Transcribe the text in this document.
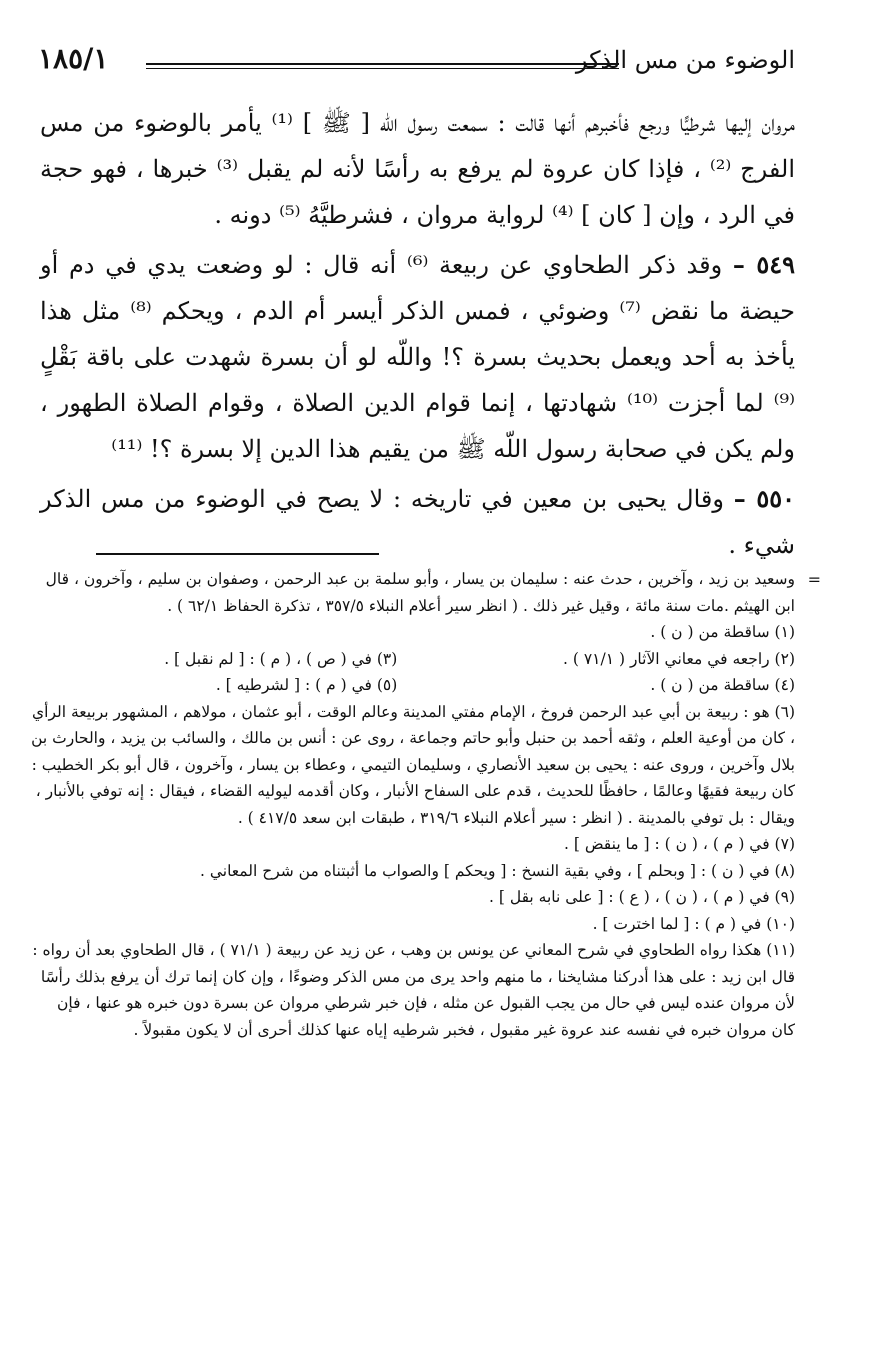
الوضوء من مس الذكر
١٨٥/١

مروان إليها شرطيًّا ورجع فأخبرهم أنها قالت : سمعت رسول اللّه [ ﷺ ] ⁽¹⁾ يأمر بالوضوء من مس الفرج ⁽²⁾ ، فإذا كان عروة لم يرفع به رأسًا لأنه لم يقبل ⁽³⁾ خبرها ، فهو حجة في الرد ، وإن [ كان ] ⁽⁴⁾ لرواية مروان ، فشرطيَّهُ ⁽⁵⁾ دونه .

٥٤٩ – وقد ذكر الطحاوي عن ربيعة ⁽⁶⁾ أنه قال : لو وضعت يدي في دم أو حيضة ما نقض ⁽⁷⁾ وضوئي ، فمس الذكر أيسر أم الدم ، ويحكم ⁽⁸⁾ مثل هذا يأخذ به أحد ويعمل بحديث بسرة ؟! واللّه لو أن بسرة شهدت على باقة بَقْلٍ ⁽⁹⁾ لما أجزت ⁽¹⁰⁾ شهادتها ، إنما قوام الدين الصلاة ، وقوام الصلاة الطهور ، ولم يكن في صحابة رسول اللّه ﷺ من يقيم هذا الدين إلا بسرة ؟! ⁽¹¹⁾

٥٥٠ – وقال يحيى بن معين في تاريخه : لا يصح في الوضوء من مس الذكر شيء .

=

وسعيد بن زيد ، وآخرين ، حدث عنه : سليمان بن يسار ، وأبو سلمة بن عبد الرحمن ، وصفوان بن سليم ، وآخرون ، قال ابن الهيثم .مات سنة مائة ، وقيل غير ذلك . ( انظر سير أعلام النبلاء ٣٥٧/٥ ، تذكرة الحفاظ ٦٢/١ ) .

(١) ساقطة من ( ن ) .

(٢) راجعه في معاني الآثار ( ٧١/١ ) .
(٣) في ( ص ) ، ( م ) : [ لم نقبل ] .
(٤) ساقطة من ( ن ) .
(٥) في ( م ) : [ لشرطيه ] .

(٦) هو : ربيعة بن أبي عبد الرحمن فروخ ، الإمام مفتي المدينة وعالم الوقت ، أبو عثمان ، مولاهم ، المشهور بربيعة الرأي ، كان من أوعية العلم ، وثقه أحمد بن حنبل وأبو حاتم وجماعة ، روى عن : أنس بن مالك ، والسائب بن يزيد ، والحارث بن بلال وآخرين ، وروى عنه : يحيى بن سعيد الأنصاري ، وسليمان التيمي ، وعطاء بن يسار ، وآخرون ، قال أبو بكر الخطيب : كان ربيعة فقيهًا وعالمًا ، حافظًا للحديث ، قدم على السفاح الأنبار ، وكان أقدمه ليوليه القضاء ، فيقال : إنه توفي بالأنبار ، ويقال : بل توفي بالمدينة . ( انظر : سير أعلام النبلاء ٣١٩/٦ ، طبقات ابن سعد ٤١٧/٥ ) .

(٧) في ( م ) ، ( ن ) : [ ما ينقض ] .

(٨) في ( ن ) : [ وبحلم ] ، وفي بقية النسخ : [ ويحكم ] والصواب ما أثبتناه من شرح المعاني .

(٩) في ( م ) ، ( ن ) ، ( ع ) : [ على نابه بقل ] .

(١٠) في ( م ) : [ لما اخترت ] .

(١١) هكذا رواه الطحاوي في شرح المعاني عن يونس بن وهب ، عن زيد عن ربيعة ( ٧١/١ ) ، قال الطحاوي بعد أن رواه : قال ابن زيد : على هذا أدركنا مشايخنا ، ما منهم واحد يرى من مس الذكر وضوءًا ، وإن كان إنما ترك أن يرفع بذلك رأسًا لأن مروان عنده ليس في حال من يجب القبول عن مثله ، فإن خبر شرطي مروان عن بسرة دون خبره هو عنها ، فإن كان مروان خبره في نفسه عند عروة غير مقبول ، فخبر شرطيه إياه عنها كذلك أحرى أن لا يكون مقبولاً .
